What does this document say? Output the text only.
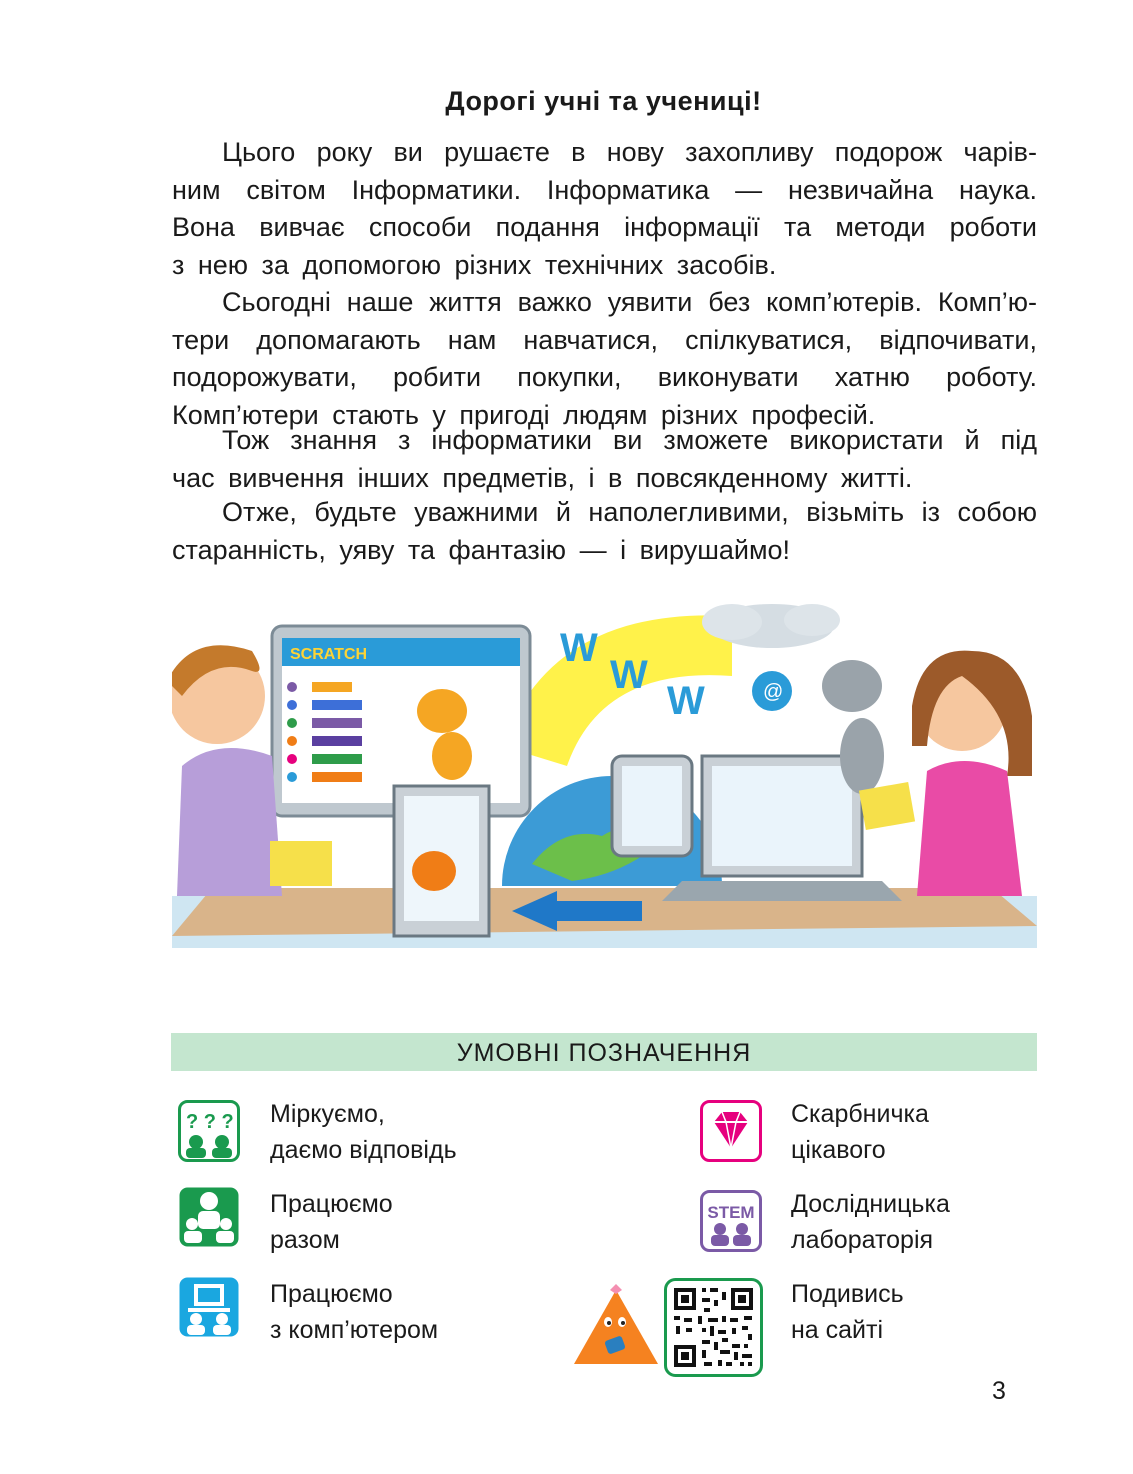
Дорогі учні та учениці!
Цього року ви рушаєте в нову захопливу подорож чарів-
ним світом Інформатики. Інформатика — незвичайна наука.
Вона вивчає способи подання інформації та методи роботи
з нею за допомогою різних технічних засобів.
Сьогодні наше життя важко уявити без комп’ютерів. Комп’ю-
тери допомагають нам навчатися, спілкуватися, відпочивати,
подорожувати, робити покупки, виконувати хатню роботу.
Комп’ютери стають у пригоді людям різних професій.
Тож знання з інформатики ви зможете використати й під
час вивчення інших предметів, і в повсякденному житті.
Отже, будьте уважними й наполегливими, візьміть із собою
старанність, уяву та фантазію — і вирушаймо!
W
W
W
SCRATCH
@
УМОВНІ ПОЗНАЧЕННЯ
? ? ? Міркуємо,
даємо відповідь
Працюємо
разом
Працюємо
з комп’ютером
Скарбничка
цікавого
STEM Дослідницька
лабораторія
Подивись
на сайті
3
